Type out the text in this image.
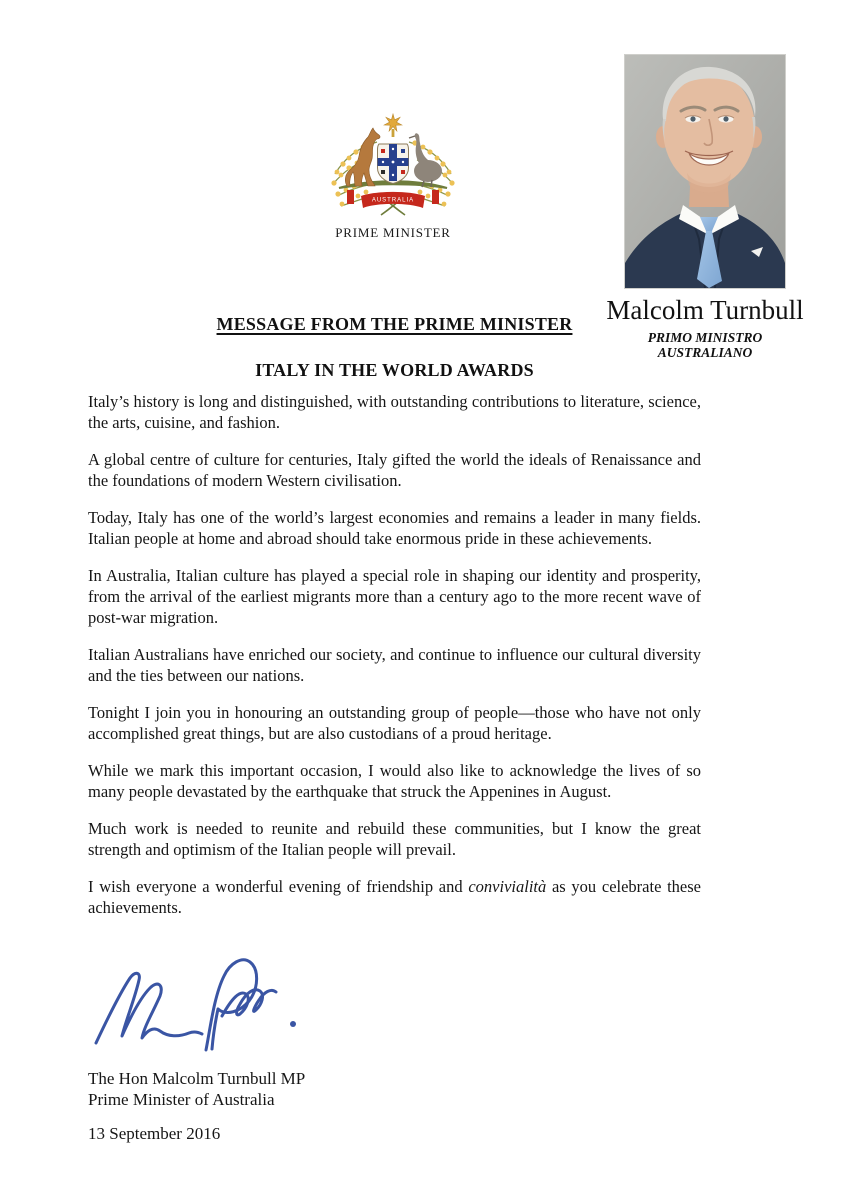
AUSTRALIA
PRIME MINISTER
Malcolm Turnbull
PRIMO MINISTRO
AUSTRALIANO
MESSAGE FROM THE PRIME MINISTER
ITALY IN THE WORLD AWARDS

Italy’s history is long and distinguished, with outstanding contributions to literature, science, the arts, cuisine, and fashion.

A global centre of culture for centuries, Italy gifted the world the ideals of Renaissance and the foundations of modern Western civilisation.

Today, Italy has one of the world’s largest economies and remains a leader in many fields. Italian people at home and abroad should take enormous pride in these achievements.

In Australia, Italian culture has played a special role in shaping our identity and prosperity, from the arrival of the earliest migrants more than a century ago to the more recent wave of post-war migration.

Italian Australians have enriched our society, and continue to influence our cultural diversity and the ties between our nations.

Tonight I join you in honouring an outstanding group of people—those who have not only accomplished great things, but are also custodians of a proud heritage.

While we mark this important occasion, I would also like to acknowledge the lives of so many people devastated by the earthquake that struck the Appenines in August.

Much work is needed to reunite and rebuild these communities, but I know the great strength and optimism of the Italian people will prevail.

I wish everyone a wonderful evening of friendship and convivialità as you celebrate these achievements.

The Hon Malcolm Turnbull MP
Prime Minister of Australia
13 September 2016
